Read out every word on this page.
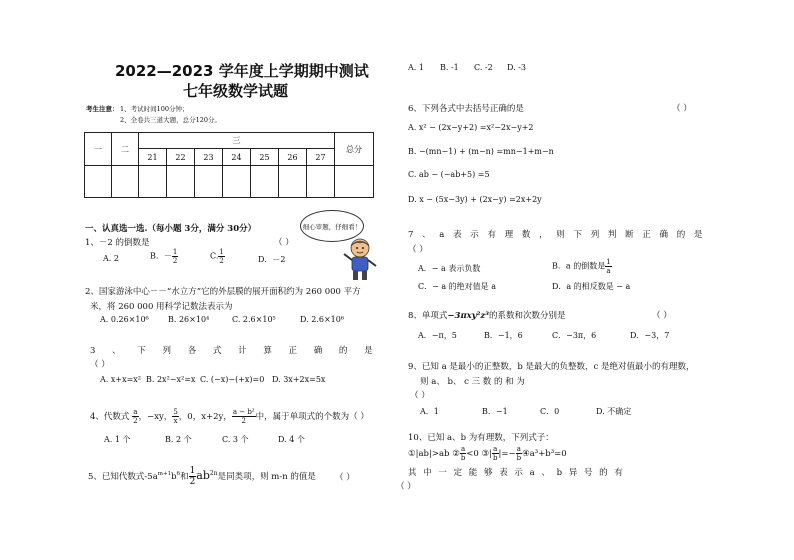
2022—2023 学年度上学期期中测试
七年级数学试题
考生注意： 1、考试时间100分钟；
2、全卷共三道大题，总分120分。
一	二	三							总分
		21	22	23	24	25	26	27	

一、认真选一选.（每小题 3分，满分 30分）	细心审题，仔细看！
1、－2 的倒数是	（ ）
A. 2	B．－ $\frac{1}{2}$	C. $\frac{1}{2}$	D．－2
2、国家游泳中心－－“水立方”它的外层膜的展开面积约为 260 000 平方
米，将 260 000 用科学记数法表示为
A. 0.26×10⁶ B. 26×10⁴	C. 2.6×10⁵	D. 2.6×10⁶
3 、 下 列 各 式 计 算 正 确 的 是
（ ）
A. x+x=x² B. 2x²−x²=x C. (−x)−(+x)=0 D. 3x+2x=5x
4、代数式 $\frac{a}{2}$ ，−xy， $\frac{5}{x}$ ，0，x+2y， $\frac{\text{a − b²}}{2}$ 中，属于单项式的个数为（ ）
A. 1 个	B. 2 个	C. 3 个	D. 4 个
5、已知代数式$-5a^{m+1}b^6$和 $\frac{1}{2} ab^{2n}$是同类项，则 m-n 的值是 （ ）
A. 1 B. -1 C. -2 D. -3
6、下列各式中去括号正确的是	（ ）
A. x² − (2x−y+2) =x²−2x−y+2
B. −(mn−1) + (m−n) =mn−1+m−n
C. ab − (−ab+5) =5
D. x − (5x−3y) + (2x−y) =2x+2y
7 、 a 表 示 有 理 数 ， 则 下 列 判 断 正 确 的 是
（ ）
A．− a 表示负数	B．a 的倒数是 $\frac{1}{a}$
C．− a 的绝对值是 a	D．a 的相反数是 − a
8、单项式−3πxy²z³的系数和次数分别是	（ ）
A．−π，5	B．−1，6	C．−3π，6	D．−3，7
9、已知 a 是最小的正整数，b 是最大的负整数，c 是绝对值最小的有理数，
则 a、 b、 c 三 数 的 和 为
（ ）
A．1	B．−1	C．0	D. 不确定
10、已知 a、b 为有理数，下列式子：
①|ab|>ab ② $\frac{a}{b} <0$ ③| $\frac{a}{b}$ |=− $\frac{a}{b}$ ④a³+b³=0
其 中 一 定 能 够 表 示 a 、 b 异 号 的 有
（ ）
